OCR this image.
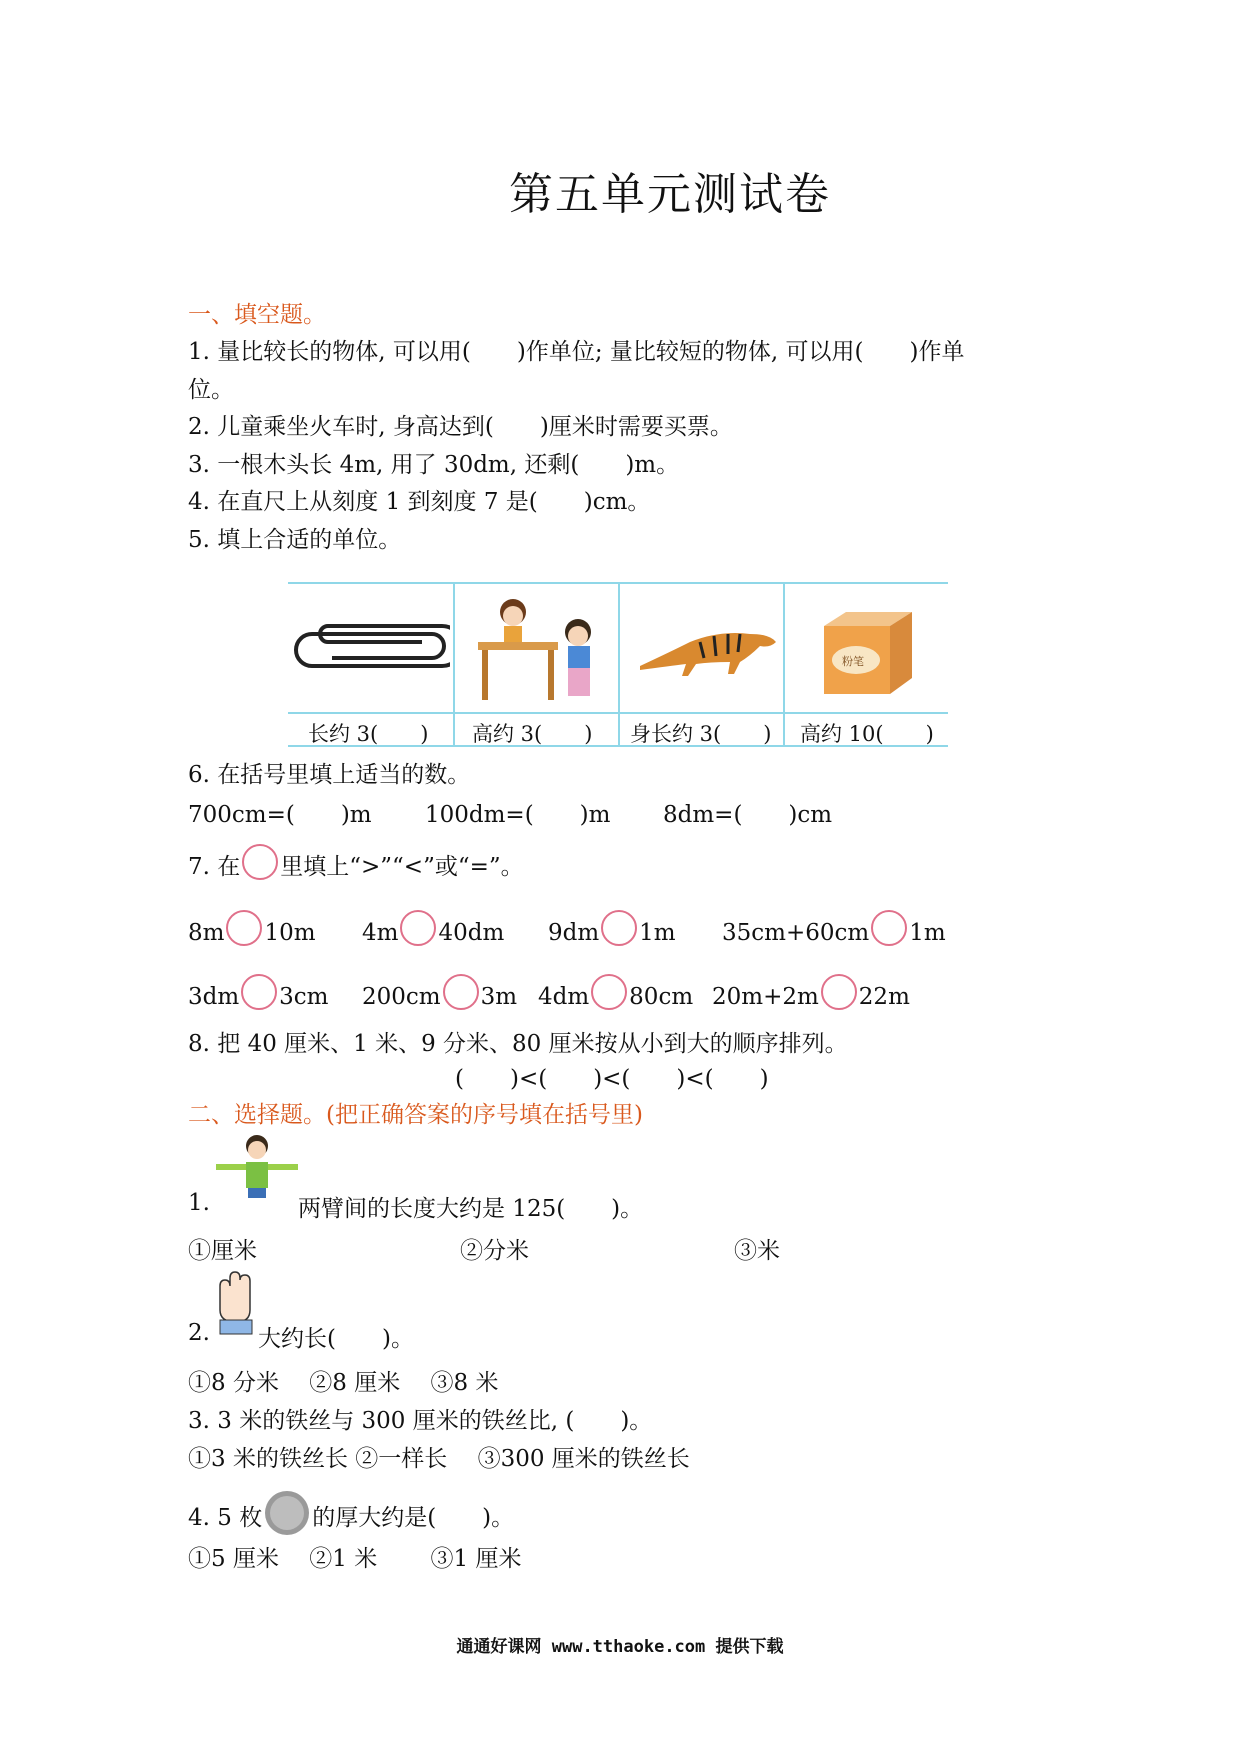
第五单元测试卷
一、填空题。
1. 量比较长的物体, 可以用(　　)作单位; 量比较短的物体, 可以用(　　)作单
位。
2. 儿童乘坐火车时, 身高达到(　　)厘米时需要买票。
3. 一根木头长 4m, 用了 30dm, 还剩(　　)m。
4. 在直尺上从刻度 1 到刻度 7 是(　　)cm。
5. 填上合适的单位。
粉笔
长约 3(　　) 高约 3(　　) 身长约 3(　　) 高约 10(　　)
6. 在括号里填上适当的数。
700cm=(　　)m 100dm=(　　)m 8dm=(　　)cm
7. 在 里填上“>”“<”或“=”。
8m 10m 4m 40dm 9dm 1m 35cm+60cm 1m
3dm 3cm 200cm 3m 4dm 80cm 20m+2m 22m
8. 把 40 厘米、1 米、9 分米、80 厘米按从小到大的顺序排列。
(　　)<(　　)<(　　)<(　　)
二、选择题。(把正确答案的序号填在括号里)
1.	两臂间的长度大约是 125(　　)。
①厘米	②分米	③米
2. 大约长(　　)。
①8 分米　 ②8 厘米　 ③8 米
3. 3 米的铁丝与 300 厘米的铁丝比, (　　)。
①3 米的铁丝长 ②一样长　 ③300 厘米的铁丝长
4. 5 枚 的厚大约是(　　)。
①5 厘米　 ②1 米　　 ③1 厘米
通通好课网 www.tthaoke.com 提供下载
